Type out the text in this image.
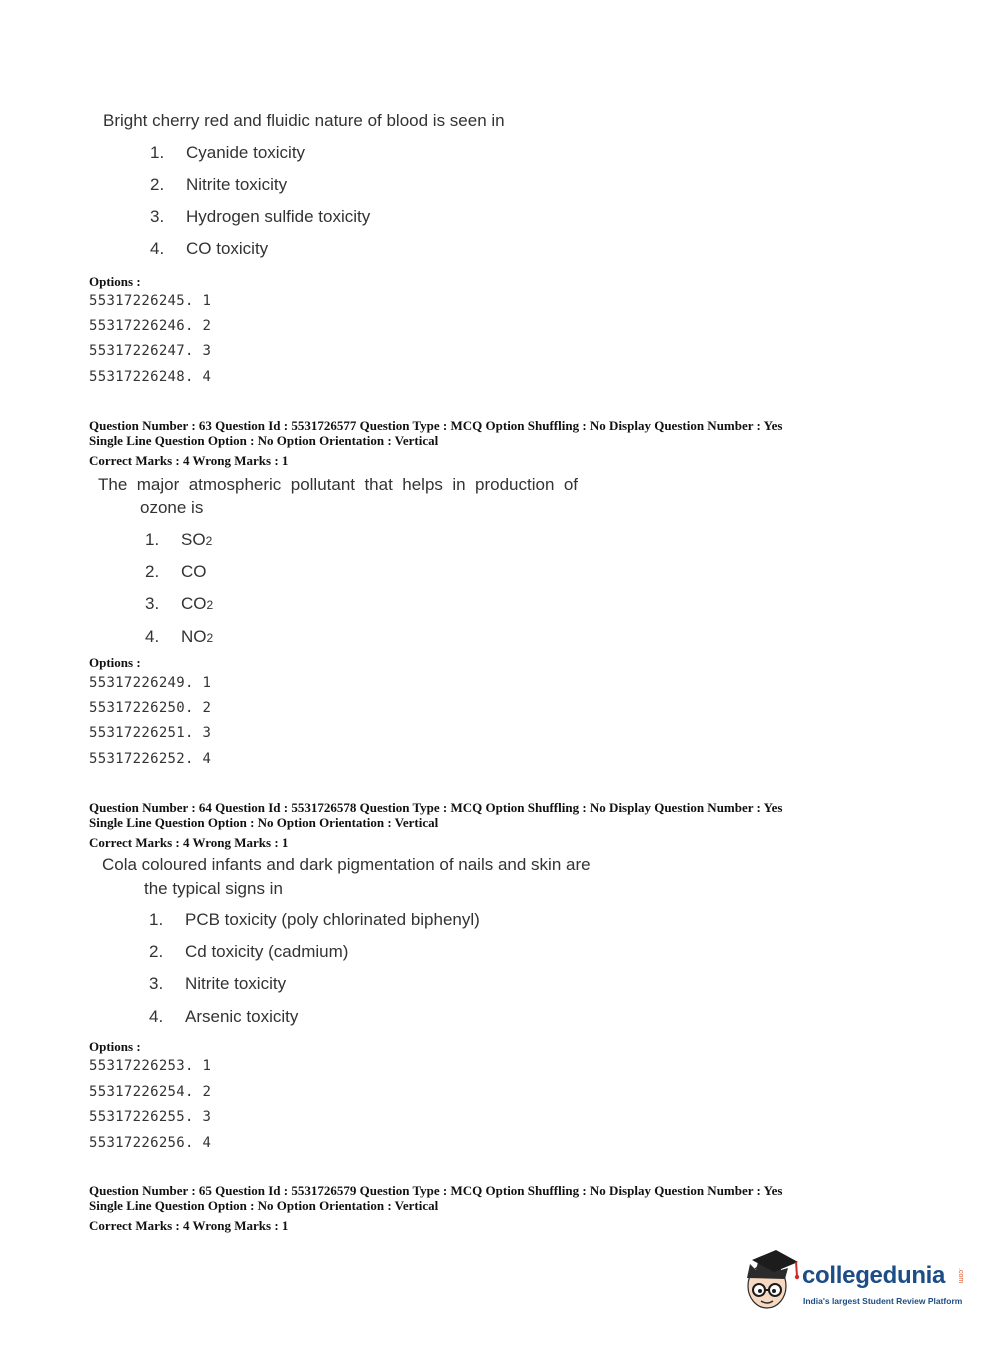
Bright cherry red and fluidic nature of blood is seen in
1. Cyanide toxicity
2. Nitrite toxicity
3. Hydrogen sulfide toxicity
4. CO toxicity
Options :
55317226245. 1
55317226246. 2
55317226247. 3
55317226248. 4
Question Number : 63 Question Id : 5531726577 Question Type : MCQ Option Shuffling : No Display Question Number : Yes
Single Line Question Option : No Option Orientation : Vertical
Correct Marks : 4 Wrong Marks : 1
The  major  atmospheric  pollutant  that  helps  in  production  of
ozone is
1. SO2
2. CO
3. CO2
4. NO2
Options :
55317226249. 1
55317226250. 2
55317226251. 3
55317226252. 4
Question Number : 64 Question Id : 5531726578 Question Type : MCQ Option Shuffling : No Display Question Number : Yes
Single Line Question Option : No Option Orientation : Vertical
Correct Marks : 4 Wrong Marks : 1
Cola coloured infants and dark pigmentation of nails and skin are
the typical signs in
1. PCB toxicity (poly chlorinated biphenyl)
2. Cd toxicity (cadmium)
3. Nitrite toxicity
4. Arsenic toxicity
Options :
55317226253. 1
55317226254. 2
55317226255. 3
55317226256. 4
Question Number : 65 Question Id : 5531726579 Question Type : MCQ Option Shuffling : No Display Question Number : Yes
Single Line Question Option : No Option Orientation : Vertical
Correct Marks : 4 Wrong Marks : 1
collegedunia .com
India's largest Student Review Platform
